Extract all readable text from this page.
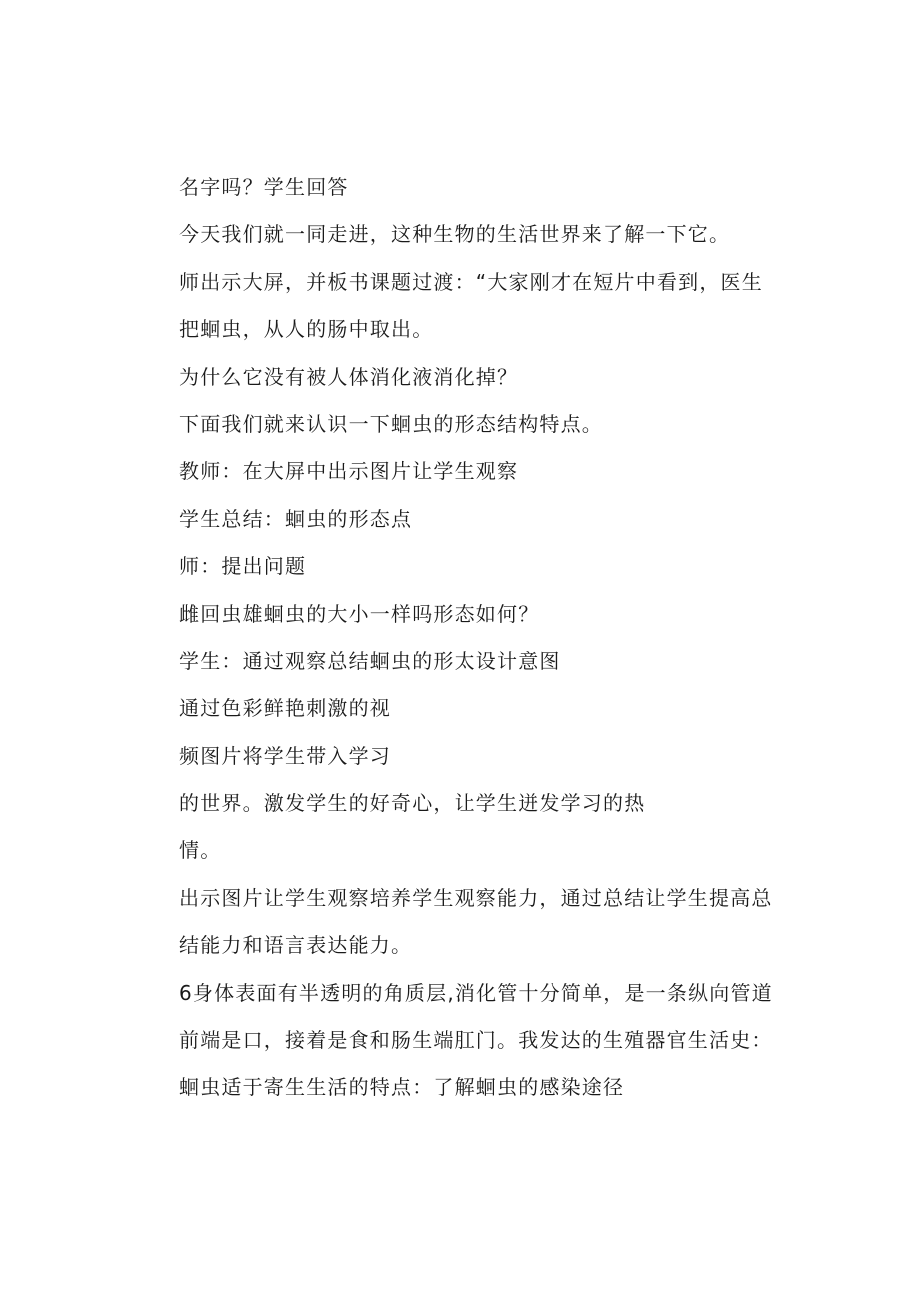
名字吗？学生回答
今天我们就一同走进，这种生物的生活世界来了解一下它。
师出示大屏，并板书课题过渡：“大家刚才在短片中看到，医生
把蛔虫，从人的肠中取出。
为什么它没有被人体消化液消化掉？
下面我们就来认识一下蛔虫的形态结构特点。
教师：在大屏中出示图片让学生观察
学生总结：蛔虫的形态点
师：提出问题
雌回虫雄蛔虫的大小一样吗形态如何？
学生：通过观察总结蛔虫的形太设计意图
通过色彩鲜艳刺激的视
频图片将学生带入学习
的世界。激发学生的好奇心，让学生迸发学习的热
情。
出示图片让学生观察培养学生观察能力，通过总结让学生提高总
结能力和语言表达能力。
6身体表面有半透明的角质层,消化管十分简单，是一条纵向管道
前端是口，接着是食和肠生端肛门。我发达的生殖器官生活史：
蛔虫适于寄生生活的特点：了解蛔虫的感染途径
